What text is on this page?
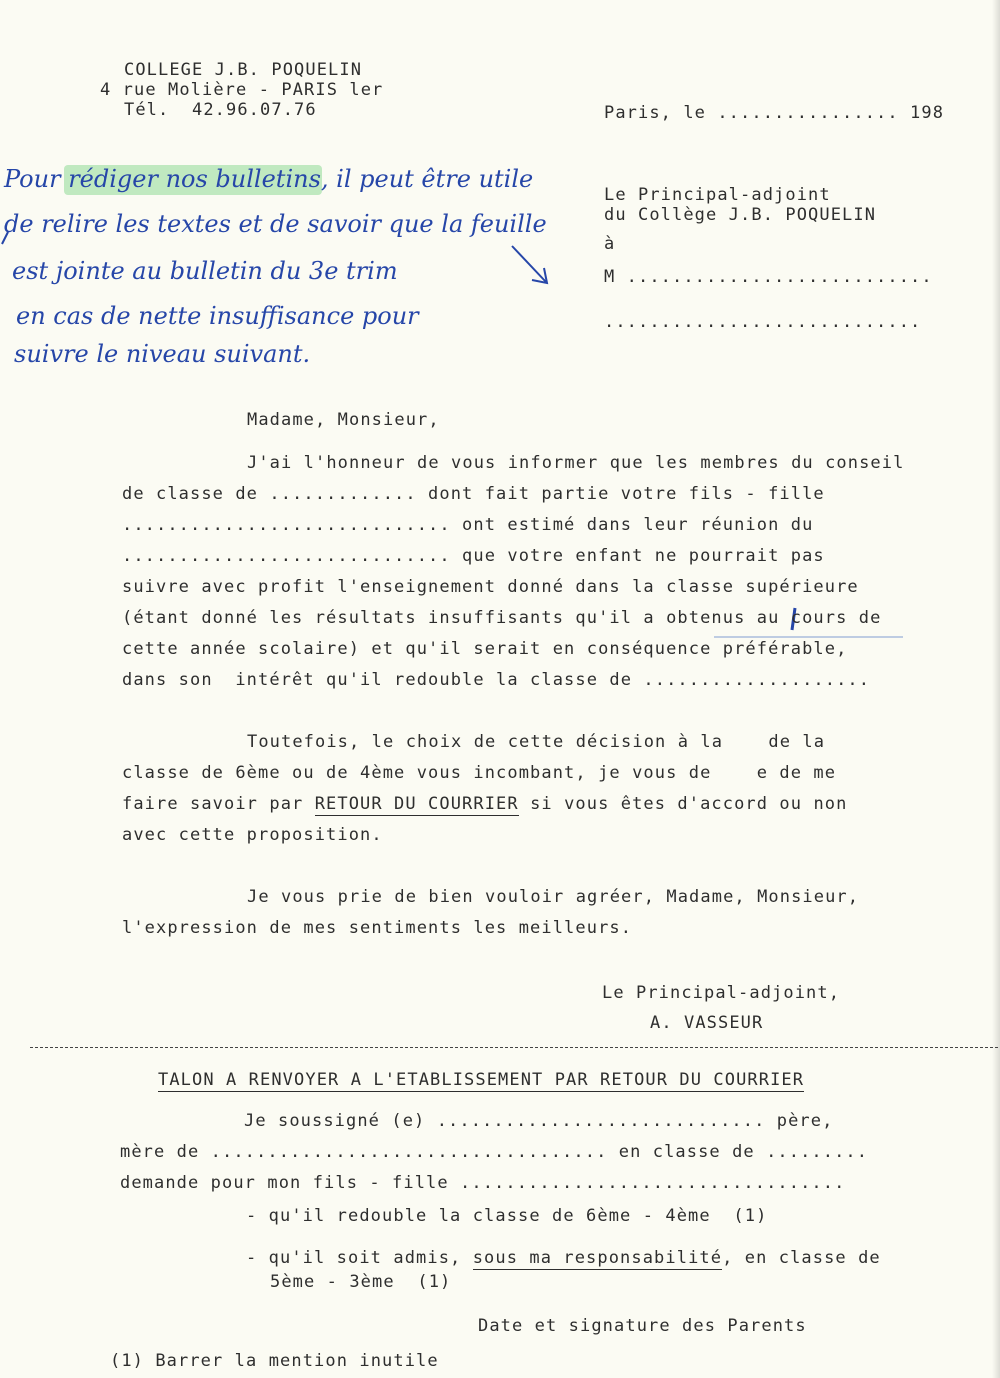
COLLEGE J.B. POQUELIN
4 rue Molière - PARIS ler
Tél.  42.96.07.76	Paris, le ................ 198
Pour rédiger nos bulletins, il peut être utile
de relire les textes et de savoir que la feuille
est jointe au bulletin du 3e trim
en cas de nette insuffisance pour
suivre le niveau suivant.
Le Principal-adjoint
du Collège J.B. POQUELIN
à
M ...........................
............................
Madame, Monsieur,
J'ai l'honneur de vous informer que les membres du conseil
de classe de ............. dont fait partie votre fils - fille
............................. ont estimé dans leur réunion du
............................. que votre enfant ne pourrait pas
suivre avec profit l'enseignement donné dans la classe supérieure
(étant donné les résultats insuffisants qu'il a obtenus au cours de
cette année scolaire) et qu'il serait en conséquence préférable,
dans son  intérêt qu'il redouble la classe de ....................
Toutefois, le choix de cette décision à la    de la
classe de 6ème ou de 4ème vous incombant, je vous de    e de me
faire savoir par RETOUR DU COURRIER si vous êtes d'accord ou non
avec cette proposition.
Je vous prie de bien vouloir agréer, Madame, Monsieur,
l'expression de mes sentiments les meilleurs.
Le Principal-adjoint,
A. VASSEUR
TALON A RENVOYER A L'ETABLISSEMENT PAR RETOUR DU COURRIER
Je soussigné (e) ............................. père,
mère de ................................... en classe de .........
demande pour mon fils - fille ..................................
- qu'il redouble la classe de 6ème - 4ème  (1)
- qu'il soit admis, sous ma responsabilité, en classe de
5ème - 3ème  (1)
Date et signature des Parents
(1) Barrer la mention inutile
